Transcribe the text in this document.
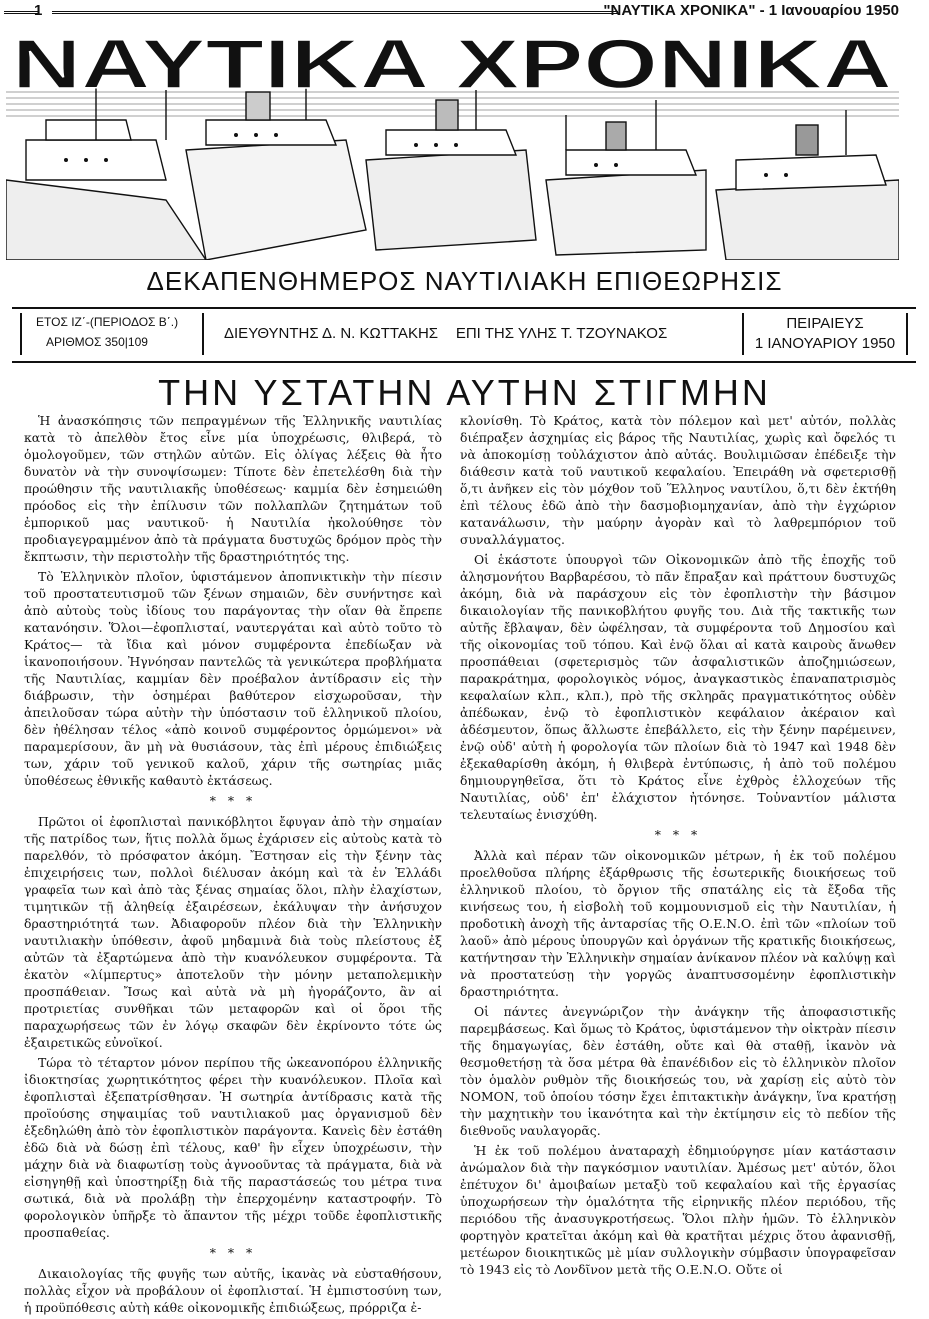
1	"ΝΑΥΤΙΚΑ ΧΡΟΝΙΚΑ" - 1 Ιανουαρίου 1950
ΝΑΥΤΙΚΑ ΧΡΟΝΙΚΑ
ΔΕΚΑΠΕΝΘΗΜΕΡΟΣ ΝΑΥΤΙΛΙΑΚΗ ΕΠΙΘΕΩΡΗΣΙΣ
ΕΤΟΣ ΙΖ΄-(ΠΕΡΙΟΔΟΣ Β΄.)
ΑΡΙΘΜΟΣ 350|109	ΔΙΕΥΘΥΝΤΗΣ Δ. Ν. ΚΩΤΤΑΚΗΣ ΕΠΙ ΤΗΣ ΥΛΗΣ Τ. ΤΖΟΥΝΑΚΟΣ
ΠΕΙΡΑΙΕΥΣ
1 ΙΑΝΟΥΑΡΙΟΥ 1950
ΤΗΝ ΥΣΤΑΤΗΝ ΑΥΤΗΝ ΣΤΙΓΜΗΝ

Ἡ ἀνασκόπησις τῶν πεπραγμένων τῆς Ἑλληνικῆς ναυτιλίας κατὰ τὸ ἀπελθὸν ἔτος εἶνε μία ὑποχρέωσις, θλιβερά, τὸ ὁμολογοῦμεν, τῶν στηλῶν αὐτῶν. Εἰς ὀλίγας λέξεις θὰ ἦτο δυνατὸν νὰ τὴν συνοψίσωμεν: Τίποτε δὲν ἐπετελέσθη διὰ τὴν προώθησιν τῆς ναυτιλιακῆς ὑποθέσεως· καμμία δὲν ἐσημειώθη πρόοδος εἰς τὴν ἐπίλυσιν τῶν πολλαπλῶν ζητημάτων τοῦ ἐμπορικοῦ μας ναυτικοῦ· ἡ Ναυτιλία ἠκολούθησε τὸν προδιαγεγραμμένον ἀπὸ τὰ πράγματα δυστυχῶς δρόμον πρὸς τὴν ἔκπτωσιν, τὴν περιστολὴν τῆς δραστηριότητός της.

Τὸ Ἑλληνικὸν πλοῖον, ὑφιστάμενον ἀποπνικτικὴν τὴν πίεσιν τοῦ προστατευτισμοῦ τῶν ξένων σημαιῶν, δὲν συνήντησε καὶ ἀπὸ αὐτοὺς τοὺς ἰδίους του παράγοντας τὴν οἵαν θὰ ἔπρεπε κατανόησιν. Ὅλοι—ἐφοπλισταί, ναυτεργάται καὶ αὐτὸ τοῦτο τὸ Κράτος— τὰ ἴδια καὶ μόνον συμφέροντα ἐπεδίωξαν νὰ ἱκανοποιήσουν. Ἠγνόησαν παντελῶς τὰ γενικώτερα προβλήματα τῆς Ναυτιλίας, καμμίαν δὲν προέβαλον ἀντίδρασιν εἰς τὴν διάβρωσιν, τὴν ὁσημέραι βαθύτερον εἰσχωροῦσαν, τὴν ἀπειλοῦσαν τώρα αὐτὴν τὴν ὑπόστασιν τοῦ ἑλληνικοῦ πλοίου, δὲν ἠθέλησαν τέλος «ἀπὸ κοινοῦ συμφέροντος ὁρμώμενοι» νὰ παραμερίσουν, ἂν μὴ νὰ θυσιάσουν, τὰς ἐπὶ μέρους ἐπιδιώξεις των, χάριν τοῦ γενικοῦ καλοῦ, χάριν τῆς σωτηρίας μιᾶς ὑποθέσεως ἐθνικῆς καθαυτὸ ἐκτάσεως.

* * *

Πρῶτοι οἱ ἐφοπλισταὶ πανικόβλητοι ἔφυγαν ἀπὸ τὴν σημαίαν τῆς πατρίδος των, ἥτις πολλὰ ὅμως ἐχάρισεν εἰς αὐτοὺς κατὰ τὸ παρελθόν, τὸ πρόσφατον ἀκόμη. Ἔστησαν εἰς τὴν ξένην τὰς ἐπιχειρήσεις των, πολλοὶ διέλυσαν ἀκόμη καὶ τὰ ἐν Ἑλλάδι γραφεῖα των καὶ ἀπὸ τὰς ξένας σημαίας ὅλοι, πλὴν ἐλαχίστων, τιμητικῶν τῇ ἀληθείᾳ ἐξαιρέσεων, ἐκάλυψαν τὴν ἀνήσυχον δραστηριότητά των. Ἀδιαφοροῦν πλέον διὰ τὴν Ἑλληνικὴν ναυτιλιακὴν ὑπόθεσιν, ἀφοῦ μηδαμινὰ διὰ τοὺς πλείστους ἐξ αὐτῶν τὰ ἐξαρτώμενα ἀπὸ τὴν κυανόλευκον συμφέροντα. Τὰ ἑκατὸν «λίμπερτυς» ἀποτελοῦν τὴν μόνην μεταπολεμικὴν προσπάθειαν. Ἴσως καὶ αὐτὰ νὰ μὴ ἠγοράζοντο, ἂν αἱ προτριετίας συνθῆκαι τῶν μεταφορῶν καὶ οἱ ὅροι τῆς παραχωρήσεως τῶν ἐν λόγῳ σκαφῶν δὲν ἐκρίνοντο τότε ὡς ἐξαιρετικῶς εὐνοϊκοί.

Τώρα τὸ τέταρτον μόνον περίπου τῆς ὠκεανοπόρου ἑλληνικῆς ἰδιοκτησίας χωρητικότητος φέρει τὴν κυανόλευκον. Πλοῖα καὶ ἐφοπλισταὶ ἐξεπατρίσθησαν. Ἡ σωτηρία ἀντίδρασις κατὰ τῆς προϊούσης σηψαιμίας τοῦ ναυτιλιακοῦ μας ὀργανισμοῦ δὲν ἐξεδηλώθη ἀπὸ τὸν ἐφοπλιστικὸν παράγοντα. Κανεὶς δὲν ἐστάθη ἐδῶ διὰ νὰ δώσῃ ἐπὶ τέλους, καθ' ἣν εἶχεν ὑποχρέωσιν, τὴν μάχην διὰ νὰ διαφωτίσῃ τοὺς ἀγνοοῦντας τὰ πράγματα, διὰ νὰ εἰσηγηθῇ καὶ ὑποστηρίξῃ διὰ τῆς παραστάσεώς του μέτρα τινα σωτικά, διὰ νὰ προλάβῃ τὴν ἐπερχομένην καταστροφήν. Τὸ φορολογικὸν ὑπῆρξε τὸ ἅπαντον τῆς μέχρι τοῦδε ἐφοπλιστικῆς προσπαθείας.

* * *

Δικαιολογίας τῆς φυγῆς των αὐτῆς, ἱκανὰς νὰ εὐσταθήσουν, πολλὰς εἶχον νὰ προβάλουν οἱ ἐφοπλισταί. Ἡ ἐμπιστοσύνη των, ἡ προϋπόθεσις αὐτὴ κάθε οἰκονομικῆς ἐπιδιώξεως, πρόρριζα ἐ-

κλονίσθη. Τὸ Κράτος, κατὰ τὸν πόλεμον καὶ μετ' αὐτόν, πολλὰς διέπραξεν ἀσχημίας εἰς βάρος τῆς Ναυτιλίας, χωρὶς καὶ ὄφελός τι νὰ ἀποκομίσῃ τοὐλάχιστον ἀπὸ αὐτάς. Βουλιμιῶσαν ἐπέδειξε τὴν διάθεσιν κατὰ τοῦ ναυτικοῦ κεφαλαίου. Ἐπειράθη νὰ σφετερισθῇ ὅ,τι ἀνῆκεν εἰς τὸν μόχθον τοῦ Ἕλληνος ναυτίλου, ὅ,τι δὲν ἐκτήθη ἐπὶ τέλους ἐδῶ ἀπὸ τὴν δασμοβιομηχανίαν, ἀπὸ τὴν ἐγχώριον κατανάλωσιν, τὴν μαύρην ἀγορὰν καὶ τὸ λαθρεμπόριον τοῦ συναλλάγματος.

Οἱ ἑκάστοτε ὑπουργοὶ τῶν Οἰκονομικῶν ἀπὸ τῆς ἐποχῆς τοῦ ἀλησμονήτου Βαρβαρέσου, τὸ πᾶν ἔπραξαν καὶ πράττουν δυστυχῶς ἀκόμη, διὰ νὰ παράσχουν εἰς τὸν ἐφοπλιστὴν τὴν βάσιμον δικαιολογίαν τῆς πανικοβλήτου φυγῆς του. Διὰ τῆς τακτικῆς των αὐτῆς ἔβλαψαν, δὲν ὠφέλησαν, τὰ συμφέροντα τοῦ Δημοσίου καὶ τῆς οἰκονομίας τοῦ τόπου. Καὶ ἐνῷ ὅλαι αἱ κατὰ καιροὺς ἄνωθεν προσπάθειαι (σφετερισμὸς τῶν ἀσφαλιστικῶν ἀποζημιώσεων, παρακράτημα, φορολογικὸς νόμος, ἀναγκαστικὸς ἐπαναπατρισμὸς κεφαλαίων κλπ., κλπ.), πρὸ τῆς σκληρᾶς πραγματικότητος οὐδὲν ἀπέδωκαν, ἐνῷ τὸ ἐφοπλιστικὸν κεφάλαιον ἀκέραιον καὶ ἀδέσμευτον, ὅπως ἄλλωστε ἐπεβάλλετο, εἰς τὴν ξένην παρέμεινεν, ἐνῷ οὐδ' αὐτὴ ἡ φορολογία τῶν πλοίων διὰ τὸ 1947 καὶ 1948 δὲν ἐξεκαθαρίσθη ἀκόμη, ἡ θλιβερὰ ἐντύπωσις, ἡ ἀπὸ τοῦ πολέμου δημιουργηθεῖσα, ὅτι τὸ Κράτος εἶνε ἐχθρὸς ἐλλοχεύων τῆς Ναυτιλίας, οὐδ' ἐπ' ἐλάχιστον ἠτόνησε. Τοὐναντίον μάλιστα τελευταίως ἐνισχύθη.

* * *

Ἀλλὰ καὶ πέραν τῶν οἰκονομικῶν μέτρων, ἡ ἐκ τοῦ πολέμου προελθοῦσα πλήρης ἐξάρθρωσις τῆς ἐσωτερικῆς διοικήσεως τοῦ ἑλληνικοῦ πλοίου, τὸ ὄργιον τῆς σπατάλης εἰς τὰ ἔξοδα τῆς κινήσεως του, ἡ εἰσβολὴ τοῦ κομμουνισμοῦ εἰς τὴν Ναυτιλίαν, ἡ προδοτικὴ ἀνοχὴ τῆς ἀνταρσίας τῆς Ο.Ε.Ν.Ο. ἐπὶ τῶν «πλοίων τοῦ λαοῦ» ἀπὸ μέρους ὑπουργῶν καὶ ὀργάνων τῆς κρατικῆς διοικήσεως, κατήντησαν τὴν Ἑλληνικὴν σημαίαν ἀνίκανον πλέον νὰ καλύψῃ καὶ νὰ προστατεύσῃ τὴν γοργῶς ἀναπτυσσομένην ἐφοπλιστικὴν δραστηριότητα.

Οἱ πάντες ἀνεγνώριζον τὴν ἀνάγκην τῆς ἀποφασιστικῆς παρεμβάσεως. Καὶ ὅμως τὸ Κράτος, ὑφιστάμενον τὴν οἰκτρὰν πίεσιν τῆς δημαγωγίας, δὲν ἐστάθη, οὔτε καὶ θὰ σταθῇ, ἱκανὸν νὰ θεσμοθετήσῃ τὰ ὅσα μέτρα θὰ ἐπανέδιδον εἰς τὸ ἑλληνικὸν πλοῖον τὸν ὁμαλὸν ρυθμὸν τῆς διοικήσεώς του, νὰ χαρίσῃ εἰς αὐτὸ τὸν ΝΟΜΟΝ, τοῦ ὁποίου τόσην ἔχει ἐπιτακτικὴν ἀνάγκην, ἵνα κρατήσῃ τὴν μαχητικὴν του ἱκανότητα καὶ τὴν ἐκτίμησιν εἰς τὸ πεδίον τῆς διεθνοῦς ναυλαγορᾶς.

Ἡ ἐκ τοῦ πολέμου ἀναταραχὴ ἐδημιούργησε μίαν κατάστασιν ἀνώμαλον διὰ τὴν παγκόσμιον ναυτιλίαν. Ἀμέσως μετ' αὐτόν, ὅλοι ἐπέτυχον δι' ἀμοιβαίων μεταξὺ τοῦ κεφαλαίου καὶ τῆς ἐργασίας ὑποχωρήσεων τὴν ὁμαλότητα τῆς εἰρηνικῆς πλέον περιόδου, τῆς περιόδου τῆς ἀνασυγκροτήσεως. Ὅλοι πλὴν ἡμῶν. Τὸ ἑλληνικὸν φορτηγὸν κρατεῖται ἀκόμη καὶ θὰ κρατῆται μέχρις ὅτου ἀφανισθῇ, μετέωρον διοικητικῶς μὲ μίαν συλλογικὴν σύμβασιν ὑπογραφεῖσαν τὸ 1943 εἰς τὸ Λονδῖνον μετὰ τῆς Ο.Ε.Ν.Ο. Οὔτε οἱ
